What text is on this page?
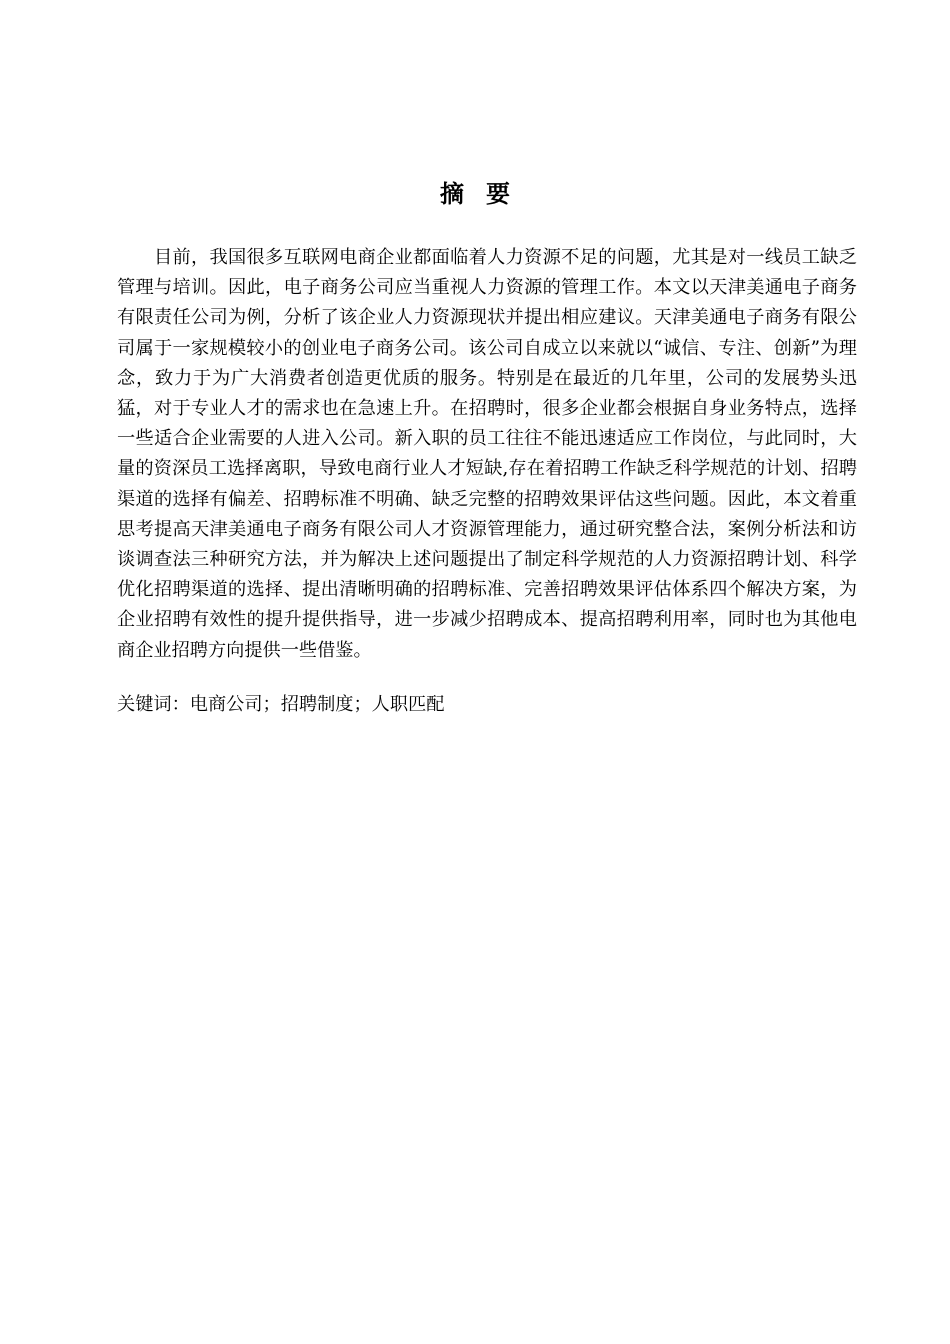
摘 要

目前，我国很多互联网电商企业都面临着人力资源不足的问题，尤其是对一线员工缺乏管理与培训。因此，电子商务公司应当重视人力资源的管理工作。本文以天津美通电子商务有限责任公司为例，分析了该企业人力资源现状并提出相应建议。天津美通电子商务有限公司属于一家规模较小的创业电子商务公司。该公司自成立以来就以“诚信、专注、创新”为理念，致力于为广大消费者创造更优质的服务。特别是在最近的几年里，公司的发展势头迅猛，对于专业人才的需求也在急速上升。在招聘时，很多企业都会根据自身业务特点，选择一些适合企业需要的人进入公司。新入职的员工往往不能迅速适应工作岗位，与此同时，大量的资深员工选择离职，导致电商行业人才短缺,存在着招聘工作缺乏科学规范的计划、招聘渠道的选择有偏差、招聘标准不明确、缺乏完整的招聘效果评估这些问题。因此，本文着重思考提高天津美通电子商务有限公司人才资源管理能力，通过研究整合法，案例分析法和访谈调查法三种研究方法，并为解决上述问题提出了制定科学规范的人力资源招聘计划、科学优化招聘渠道的选择、提出清晰明确的招聘标准、完善招聘效果评估体系四个解决方案，为企业招聘有效性的提升提供指导，进一步减少招聘成本、提高招聘利用率，同时也为其他电商企业招聘方向提供一些借鉴。

关键词：电商公司；招聘制度；人职匹配
